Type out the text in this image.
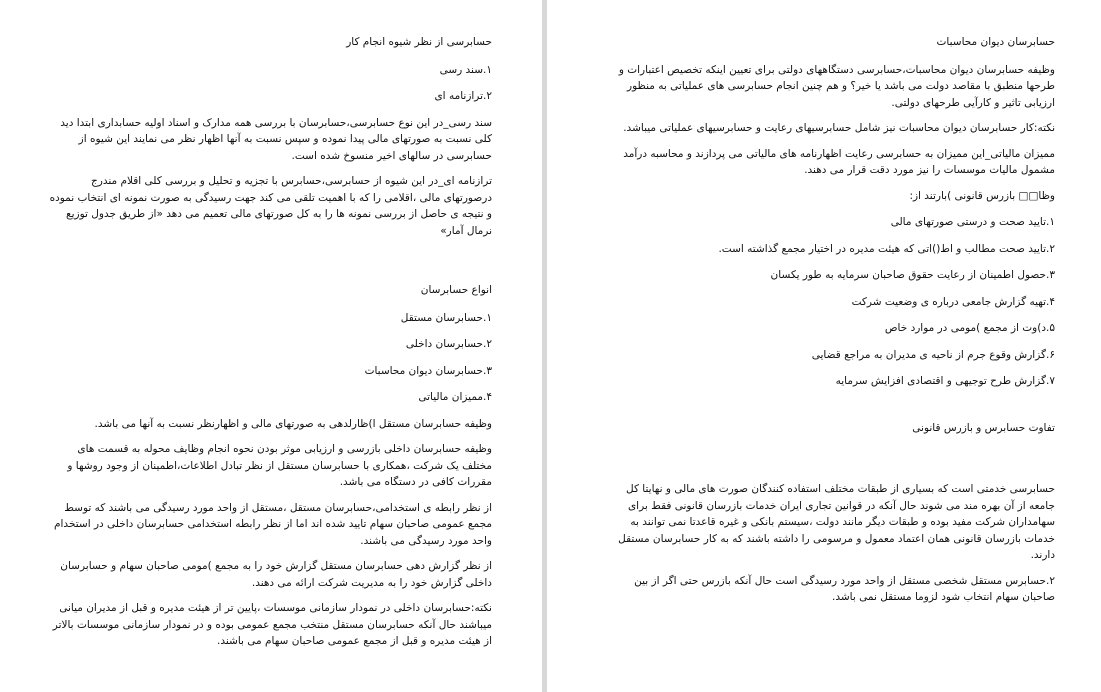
حسابرسی از نظر شیوه انجام کار

۱.سند رسی

۲.ترازنامه ای

سند رسی_در این نوع حسابرسی،حسابرسان با بررسی همه مدارک و اسناد اولیه حسابداری ابتدا دید کلی نسبت به صورتهای مالی پیدا نموده و سپس نسبت به آنها اظهار نظر می نمایند این شیوه از حسابرسی در سالهای اخیر منسوخ شده است.

ترازنامه ای_در این شیوه از حسابرسی،حسابرس با تجزیه و تحلیل و بررسی کلی اقلام مندرج درصورتهای مالی ،اقلامی را که با اهمیت تلقی می کند جهت رسیدگی به صورت نمونه ای انتخاب نموده و نتیجه ی حاصل از بررسی نمونه ها را به کل صورتهای مالی تعمیم می دهد «از طریق جدول توزیع نرمال آمار»

انواع حسابرسان

۱.حسابرسان مستقل

۲.حسابرسان داخلی

۳.حسابرسان دیوان محاسبات

۴.ممیزان مالیاتی

وظیفه حسابرسان مستقل ا)ظارلدهی به صورتهای مالی و اظهارنظر نسبت به آنها می باشد.

وظیفه حسابرسان داخلی بازرسی و ارزیابی موثر بودن نحوه انجام وظایف محوله به قسمت های مختلف یک شرکت ،همکاری با حسابرسان مستقل از نظر تبادل اطلاعات،اطمینان از وجود روشها و مقررات کافی در دستگاه می باشد.

از نظر رابطه ی استخدامی،حسابرسان مستقل ،مستقل از واحد مورد رسیدگی می باشند که توسط مجمع عمومی صاحبان سهام تایید شده اند اما از نظر رابطه استخدامی حسابرسان داخلی در استخدام واحد مورد رسیدگی می باشند.

از نظر گزارش دهی حسابرسان مستقل گزارش خود را به مجمع )مومی صاحبان سهام و حسابرسان داخلی گزارش خود را به مدیریت شرکت ارائه می دهند.

نکته:حسابرسان داخلی در نمودار سازمانی موسسات ،پایین تر از هیئت مدیره و قبل از مدیران میانی میباشند حال آنکه حسابرسان مستقل منتخب مجمع عمومی بوده و در نمودار سازمانی موسسات بالاتر از هیئت مدیره و قبل از مجمع عمومی صاحبان سهام می باشند.

حسابرسان دیوان محاسبات

وظیفه حسابرسان دیوان محاسبات،حسابرسی دستگاههای دولتی برای تعیین اینکه تخصیص اعتبارات و طرحها منطبق با مقاصد دولت می باشد یا خیر؟ و هم چنین انجام حسابرسی های عملیاتی به منظور ارزیابی تاثیر و کارآیی طرحهای دولتی.

نکته:کار حسابرسان دیوان محاسبات نیز شامل حسابرسیهای رعایت و حسابرسیهای عملیاتی میباشد.

ممیزان مالیاتی_این ممیزان به حسابرسی رعایت اظهارنامه های مالیاتی می پردازند و محاسبه درآمد مشمول مالیات موسسات را نیز مورد دقت قرار می دهند.

وظا□□ بازرس قانونی )بارتند از:

۱.تایید صحت و درستی صورتهای مالی

۲.تایید صحت مطالب و اط()اتی که هیئت مدیره در اختیار مجمع گذاشته است.

۳.حصول اطمینان از رعایت حقوق صاحبان سرمایه به طور یکسان

۴.تهیه گزارش جامعی درباره ی وضعیت شرکت

۵.د)وت از مجمع )مومی در موارد خاص

۶.گزارش وقوع جرم از ناحیه ی مدیران به مراجع قضایی

۷.گزارش طرح توجیهی و اقتصادی افزایش سرمایه

تفاوت حسابرس و بازرس قانونی

حسابرسی خدمتی است که بسیاری از طبقات مختلف استفاده کنندگان صورت های مالی و نهایتا کل جامعه از آن بهره مند می شوند حال آنکه در قوانین تجاری ایران خدمات بازرسان قانونی فقط برای سهامداران شرکت مفید بوده و طبقات دیگر مانند دولت ،سیستم بانکی و غیره قاعدتا نمی توانند به خدمات بازرسان قانونی همان اعتماد معمول و مرسومی را داشته باشند که به کار حسابرسان مستقل دارند.

۲.حسابرس مستقل شخصی مستقل از واحد مورد رسیدگی است حال آنکه بازرس حتی اگر از بین صاحبان سهام انتخاب شود لزوما مستقل نمی باشد.
